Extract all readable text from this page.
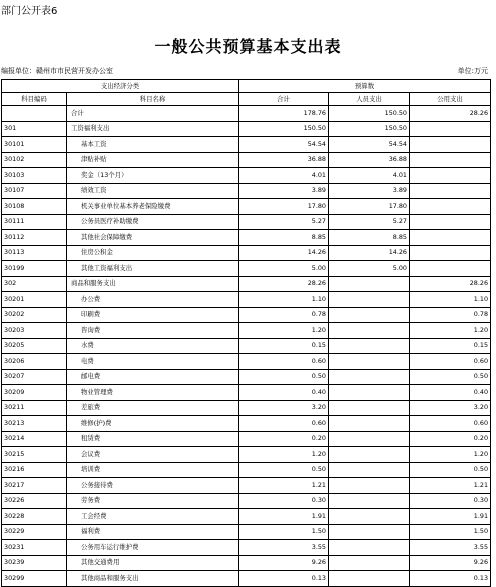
部门公开表6
一般公共预算基本支出表
编报单位：赣州市市民营开发办公室	单位:万元
支出经济分类		预算数		
科目编码	科目名称	合计	人员支出	公用支出
	合计	178.76	150.50	28.26
301	工资福利支出	150.50	150.50	
30101	基本工资	54.54	54.54	
30102	津贴补贴	36.88	36.88	
30103	奖金（13个月）	4.01	4.01	
30107	绩效工资	3.89	3.89	
30108	机关事业单位基本养老保险缴费	17.80	17.80	
30111	公务员医疗补助缴费	5.27	5.27	
30112	其他社会保障缴费	8.85	8.85	
30113	住房公积金	14.26	14.26	
30199	其他工资福利支出	5.00	5.00	
302	商品和服务支出	28.26		28.26
30201	办公费	1.10		1.10
30202	印刷费	0.78		0.78
30203	咨询费	1.20		1.20
30205	水费	0.15		0.15
30206	电费	0.60		0.60
30207	邮电费	0.50		0.50
30209	物业管理费	0.40		0.40
30211	差旅费	3.20		3.20
30213	维修(护)费	0.60		0.60
30214	租赁费	0.20		0.20
30215	会议费	1.20		1.20
30216	培训费	0.50		0.50
30217	公务接待费	1.21		1.21
30226	劳务费	0.30		0.30
30228	工会经费	1.91		1.91
30229	福利费	1.50		1.50
30231	公务用车运行维护费	3.55		3.55
30239	其他交通费用	9.26		9.26
30299	其他商品和服务支出	0.13		0.13
